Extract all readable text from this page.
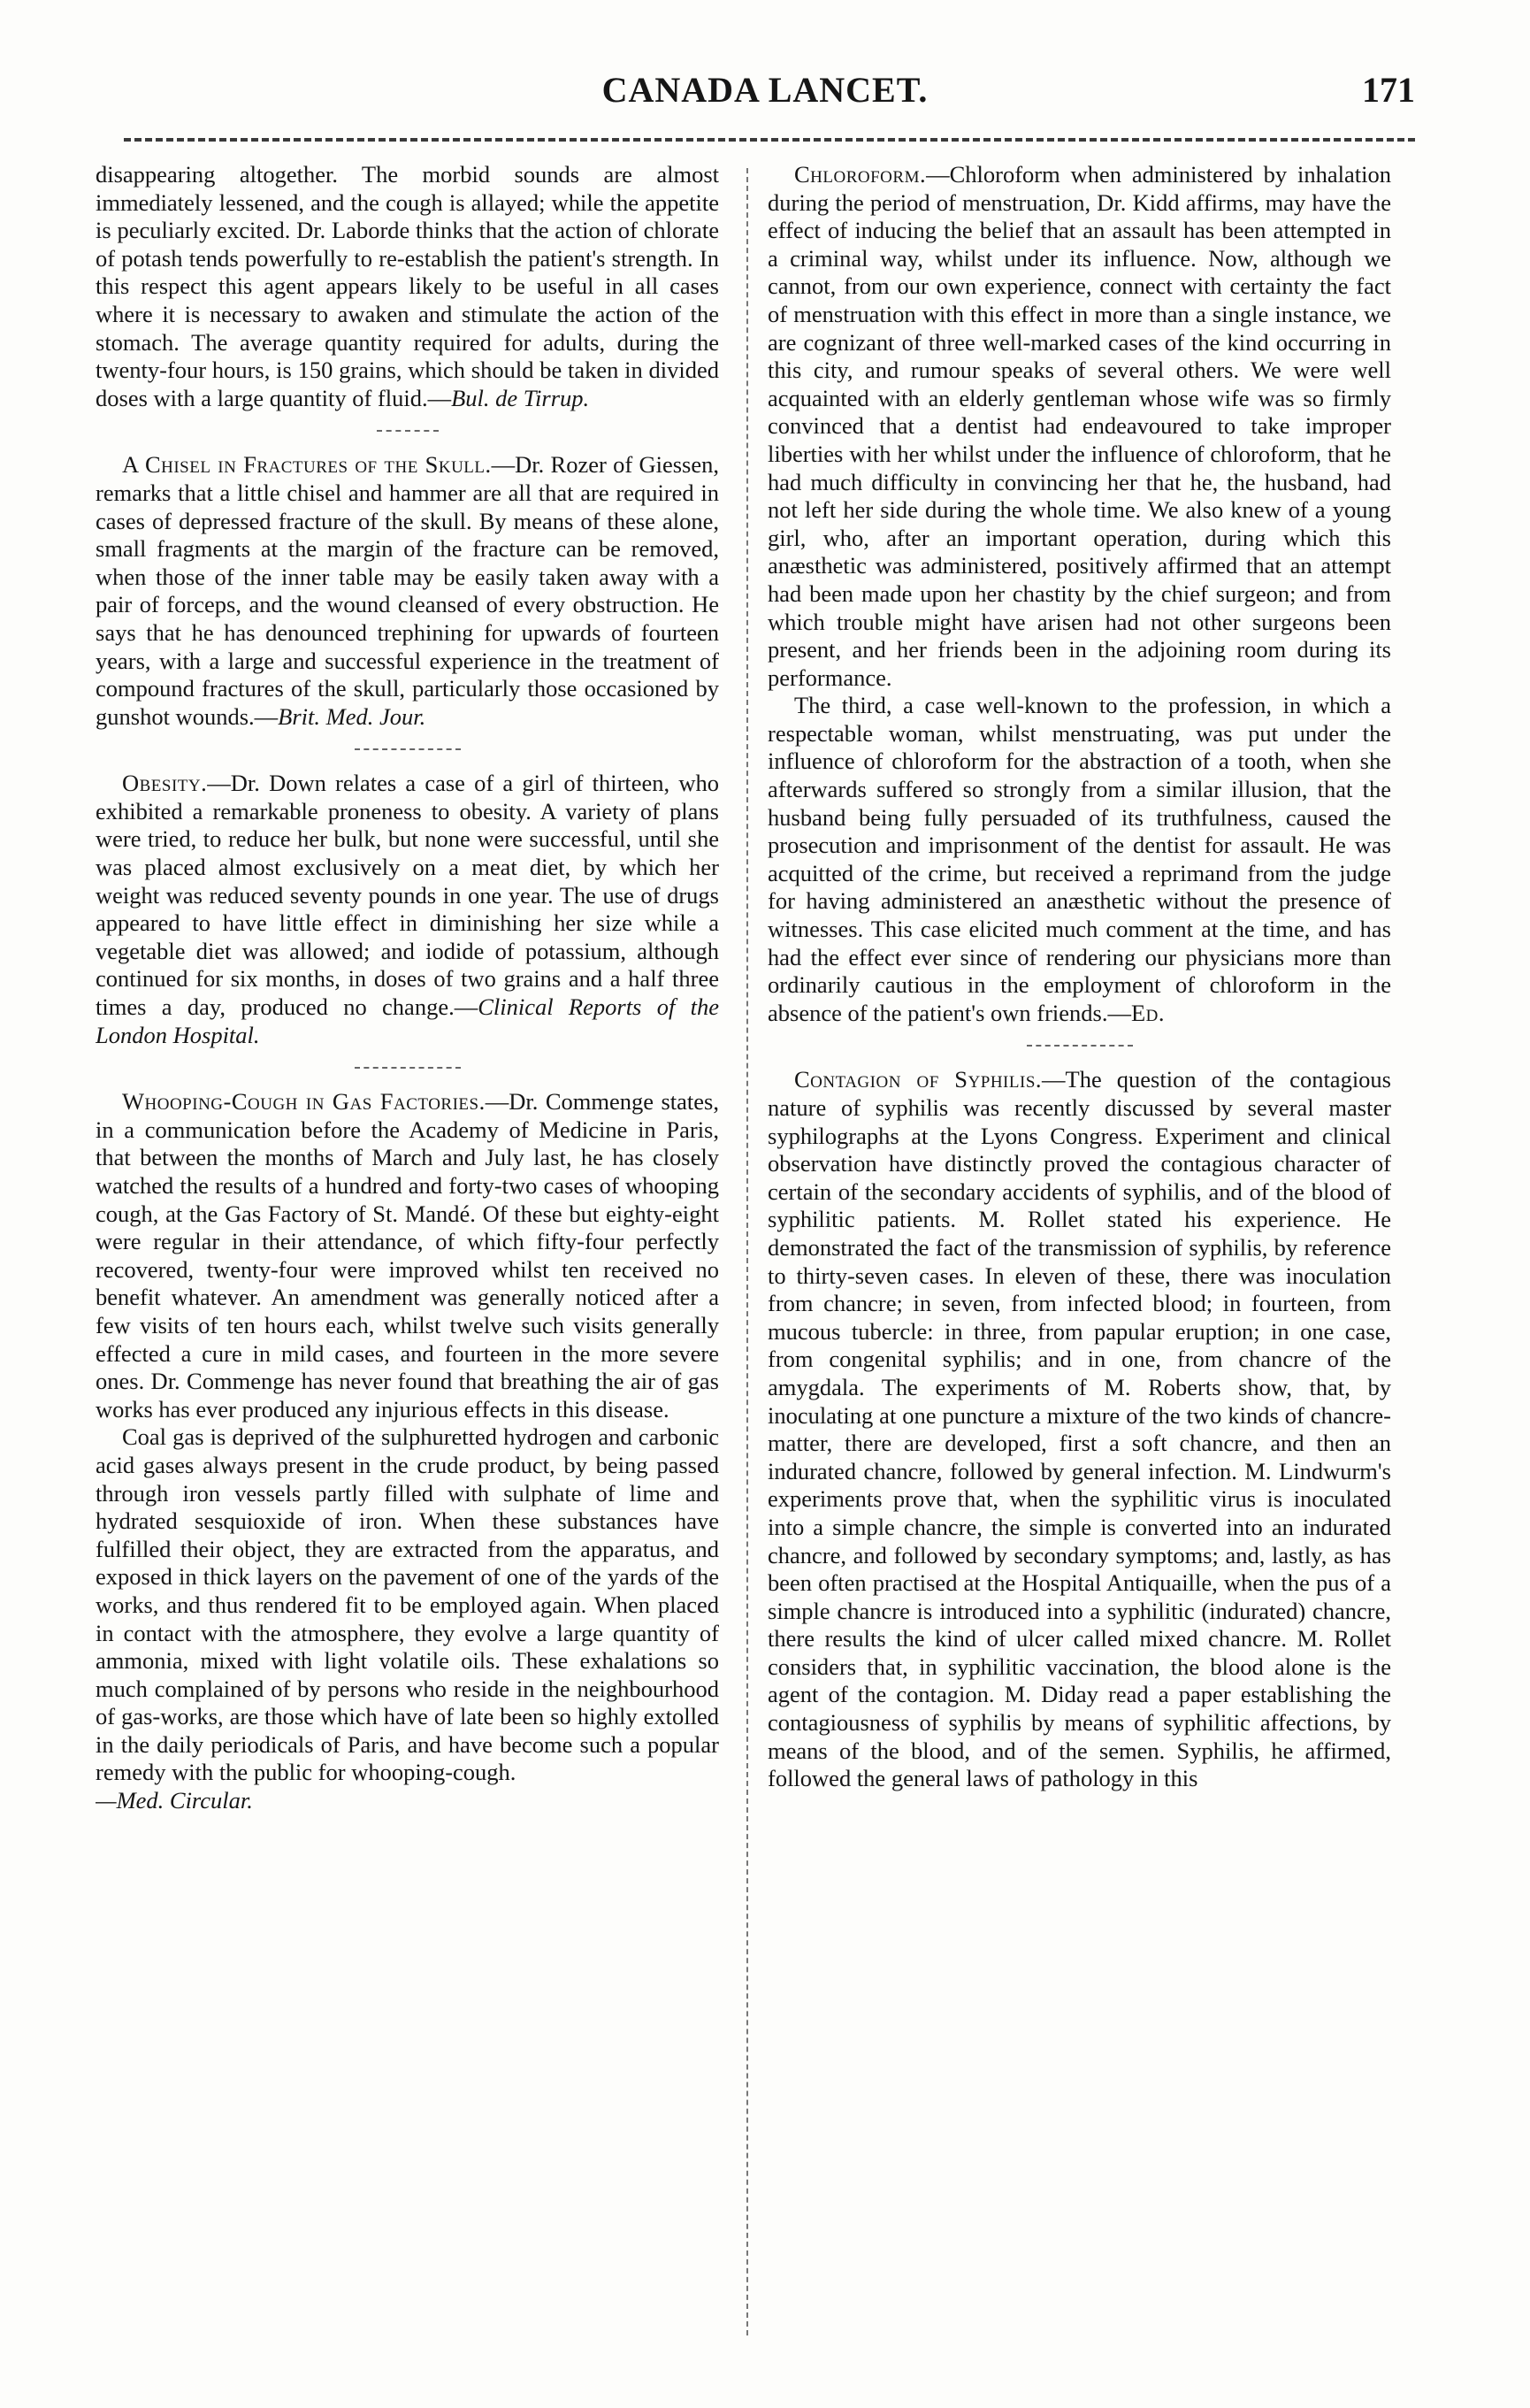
CANADA LANCET.	171

disappearing altogether. The morbid sounds are almost immediately lessened, and the cough is allayed; while the appetite is peculiarly excited. Dr. Laborde thinks that the action of chlorate of potash tends powerfully to re-establish the patient's strength. In this respect this agent appears likely to be useful in all cases where it is necessary to awaken and stimulate the action of the stomach. The average quantity required for adults, during the twenty-four hours, is 150 grains, which should be taken in divided doses with a large quantity of fluid.—Bul. de Tirrup.

A Chisel in Fractures of the Skull.—Dr. Rozer of Giessen, remarks that a little chisel and hammer are all that are required in cases of depressed fracture of the skull. By means of these alone, small fragments at the margin of the fracture can be removed, when those of the inner table may be easily taken away with a pair of forceps, and the wound cleansed of every obstruction. He says that he has denounced trephining for upwards of fourteen years, with a large and successful experience in the treatment of compound fractures of the skull, particularly those occasioned by gunshot wounds.—Brit. Med. Jour.

Obesity.—Dr. Down relates a case of a girl of thirteen, who exhibited a remarkable proneness to obesity. A variety of plans were tried, to reduce her bulk, but none were successful, until she was placed almost exclusively on a meat diet, by which her weight was reduced seventy pounds in one year. The use of drugs appeared to have little effect in diminishing her size while a vegetable diet was allowed; and iodide of potassium, although continued for six months, in doses of two grains and a half three times a day, produced no change.—Clinical Reports of the London Hospital.

Whooping-Cough in Gas Factories.—Dr. Commenge states, in a communication before the Academy of Medicine in Paris, that between the months of March and July last, he has closely watched the results of a hundred and forty-two cases of whooping cough, at the Gas Factory of St. Mandé. Of these but eighty-eight were regular in their attendance, of which fifty-four perfectly recovered, twenty-four were improved whilst ten received no benefit whatever. An amendment was generally noticed after a few visits of ten hours each, whilst twelve such visits generally effected a cure in mild cases, and fourteen in the more severe ones. Dr. Commenge has never found that breathing the air of gas works has ever produced any injurious effects in this disease.

Coal gas is deprived of the sulphuretted hydrogen and carbonic acid gases always present in the crude product, by being passed through iron vessels partly filled with sulphate of lime and hydrated sesquioxide of iron. When these substances have fulfilled their object, they are extracted from the apparatus, and exposed in thick layers on the pavement of one of the yards of the works, and thus rendered fit to be employed again. When placed in contact with the atmosphere, they evolve a large quantity of ammonia, mixed with light volatile oils. These exhalations so much complained of by persons who reside in the neighbourhood of gas-works, are those which have of late been so highly extolled in the daily periodicals of Paris, and have become such a popular remedy with the public for whooping-cough.

—Med. Circular.

Chloroform.—Chloroform when administered by inhalation during the period of menstruation, Dr. Kidd affirms, may have the effect of inducing the belief that an assault has been attempted in a criminal way, whilst under its influence. Now, although we cannot, from our own experience, connect with certainty the fact of menstruation with this effect in more than a single instance, we are cognizant of three well-marked cases of the kind occurring in this city, and rumour speaks of several others. We were well acquainted with an elderly gentleman whose wife was so firmly convinced that a dentist had endeavoured to take improper liberties with her whilst under the influence of chloroform, that he had much difficulty in convincing her that he, the husband, had not left her side during the whole time. We also knew of a young girl, who, after an important operation, during which this anæsthetic was administered, positively affirmed that an attempt had been made upon her chastity by the chief surgeon; and from which trouble might have arisen had not other surgeons been present, and her friends been in the adjoining room during its performance.

The third, a case well-known to the profession, in which a respectable woman, whilst menstruating, was put under the influence of chloroform for the abstraction of a tooth, when she afterwards suffered so strongly from a similar illusion, that the husband being fully persuaded of its truthfulness, caused the prosecution and imprisonment of the dentist for assault. He was acquitted of the crime, but received a reprimand from the judge for having administered an anæsthetic without the presence of witnesses. This case elicited much comment at the time, and has had the effect ever since of rendering our physicians more than ordinarily cautious in the employment of chloroform in the absence of the patient's own friends.—Ed.

Contagion of Syphilis.—The question of the contagious nature of syphilis was recently discussed by several master syphilographs at the Lyons Congress. Experiment and clinical observation have distinctly proved the contagious character of certain of the secondary accidents of syphilis, and of the blood of syphilitic patients. M. Rollet stated his experience. He demonstrated the fact of the transmission of syphilis, by reference to thirty-seven cases. In eleven of these, there was inoculation from chancre; in seven, from infected blood; in fourteen, from mucous tubercle: in three, from papular eruption; in one case, from congenital syphilis; and in one, from chancre of the amygdala. The experiments of M. Roberts show, that, by inoculating at one puncture a mixture of the two kinds of chancre-matter, there are developed, first a soft chancre, and then an indurated chancre, followed by general infection. M. Lindwurm's experiments prove that, when the syphilitic virus is inoculated into a simple chancre, the simple is converted into an indurated chancre, and followed by secondary symptoms; and, lastly, as has been often practised at the Hospital Antiquaille, when the pus of a simple chancre is introduced into a syphilitic (indurated) chancre, there results the kind of ulcer called mixed chancre. M. Rollet considers that, in syphilitic vaccination, the blood alone is the agent of the contagion. M. Diday read a paper establishing the contagiousness of syphilis by means of syphilitic affections, by means of the blood, and of the semen. Syphilis, he affirmed, followed the general laws of pathology in this
